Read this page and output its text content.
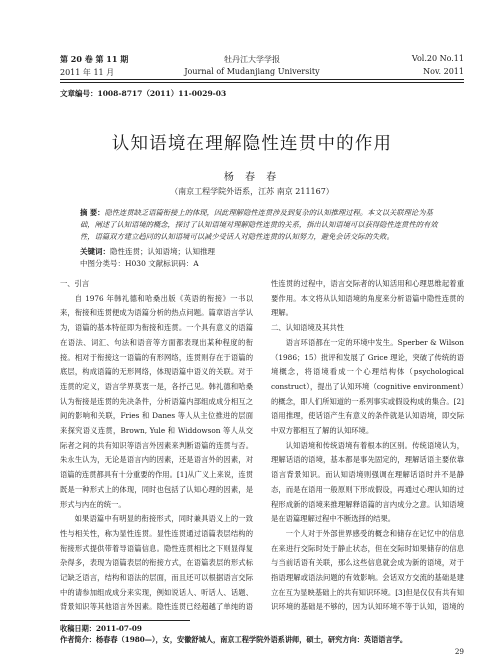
第 20 卷 第 11 期
2011 年 11 月
牡丹江大学学报
Journal of Mudanjiang University
Vol.20 No.11
Nov. 2011
文章编号：1008-8717（2011）11-0029-03
认知语境在理解隐性连贯中的作用
杨 春 春
（南京工程学院外语系，江苏 南京 211167）
摘 要：隐性连贯缺乏语篇衔接上的体现，因此理解隐性连贯涉及到复杂的认知推理过程。本文以关联理论为基础，阐述了认知语境的概念，探讨了认知语境对理解隐性连贯的关系，指出认知语境可以获得隐性连贯性的有效性，语篇双方建立趋同的认知语境可以减少受话人对隐性连贯的认知努力，避免会话交际的失败。
关键词：隐性连贯；认知语境；认知推理
中图分类号：H030 文献标识码：A

一、引言

自 1976 年韩礼德和哈桑出版《英语的衔接》一书以来，衔接和连贯便成为语篇分析的热点问题。篇章语言学认为，语篇的基本特征即为衔接和连贯。一个具有意义的语篇在语法、词汇、句法和语音等方面都表现出某种程度的衔接。相对于衔接这一语篇的有形网络，连贯则存在于语篇的底层，构成语篇的无形网络，体现语篇中语义的关联。对于连贯的定义，语言学界莫衷一是，各抒己见。韩礼德和哈桑认为衔接是连贯的先决条件，分析语篇内部组成成分相互之间的影响和关联，Fries 和 Danes 等人从主位推进的层面来探究语义连贯，Brown, Yule 和 Widdowson 等人从交际者之间的共有知识等语言外因素来判断语篇的连贯与否。朱永生认为，无论是语言内的因素，还是语言外的因素，对语篇的连贯都具有十分重要的作用。[1]从广义上来说，连贯既是一种形式上的体现，同时也包括了认知心理的因素，是形式与内在的统一。

如果语篇中有明显的衔接形式，同时兼具语义上的一致性与相关性，称为显性连贯。显性连贯通过语篇表层结构的衔接形式提供带着导语篇信息。隐性连贯相比之下则显得复杂得多，表现为语篇表层的衔接方式，在语篇表层的形式标记缺乏语言，结构和语法的层面，而且还可以根据语言交际中的请参加组成成分来实现，例如说话人、听话人、话题、背景知识等其他语言外因素。隐性连贯已经超越了单纯的语

性连贯的过程中，语言交际者的认知活用和心理思维起着重要作用。本文将从认知语境的角度来分析语篇中隐性连贯的理解。

二、认知语境及其共性

语言环语都在一定的环境中发生。Sperber & Wilson（1986；15）批评和发展了 Grice 理论，突破了传统的语境概念，将语境看成一个心理结构体（psychological construct），提出了认知环境（cognitive environment）的概念，即人们所知道的一系列事实或假设构成的集合。[2]语用推理，使话语产生有意义的条件就是认知语境，即交际中双方都相互了解的认知环境。

认知语境和传统语境有着根本的区别。传统语境认为，理解话语的语境，基本都是事先固定的，理解话语主要依靠语言背景知识。而认知语境则强调在理解话语时并不是静态，而是在语用一般原则下形成假设，再通过心理认知的过程形成新的语境来推理解释语篇的言内成分之意。认知语境是在语篇理解过程中不断选择的结果。

一个人对于外部世界感受的概念和储存在记忆中的信息在来进行交际时处于静止状态，但在交际时如果储存的信息与当前话语有关联，那么这些信息就会成为新的语境，对于指语理解或语法问题的有效影响。会话双方交流的基础是建立在互为显映基础上的共有知识环境。[3]但是仅仅有共有知识环境的基础是不够的，因为认知环境不等于认知，语境的

收稿日期：2011-07-09
作者简介：杨春春（1980—），女，安徽舒城人，南京工程学院外语系讲师，硕士，研究方向：英语语言学。
29
